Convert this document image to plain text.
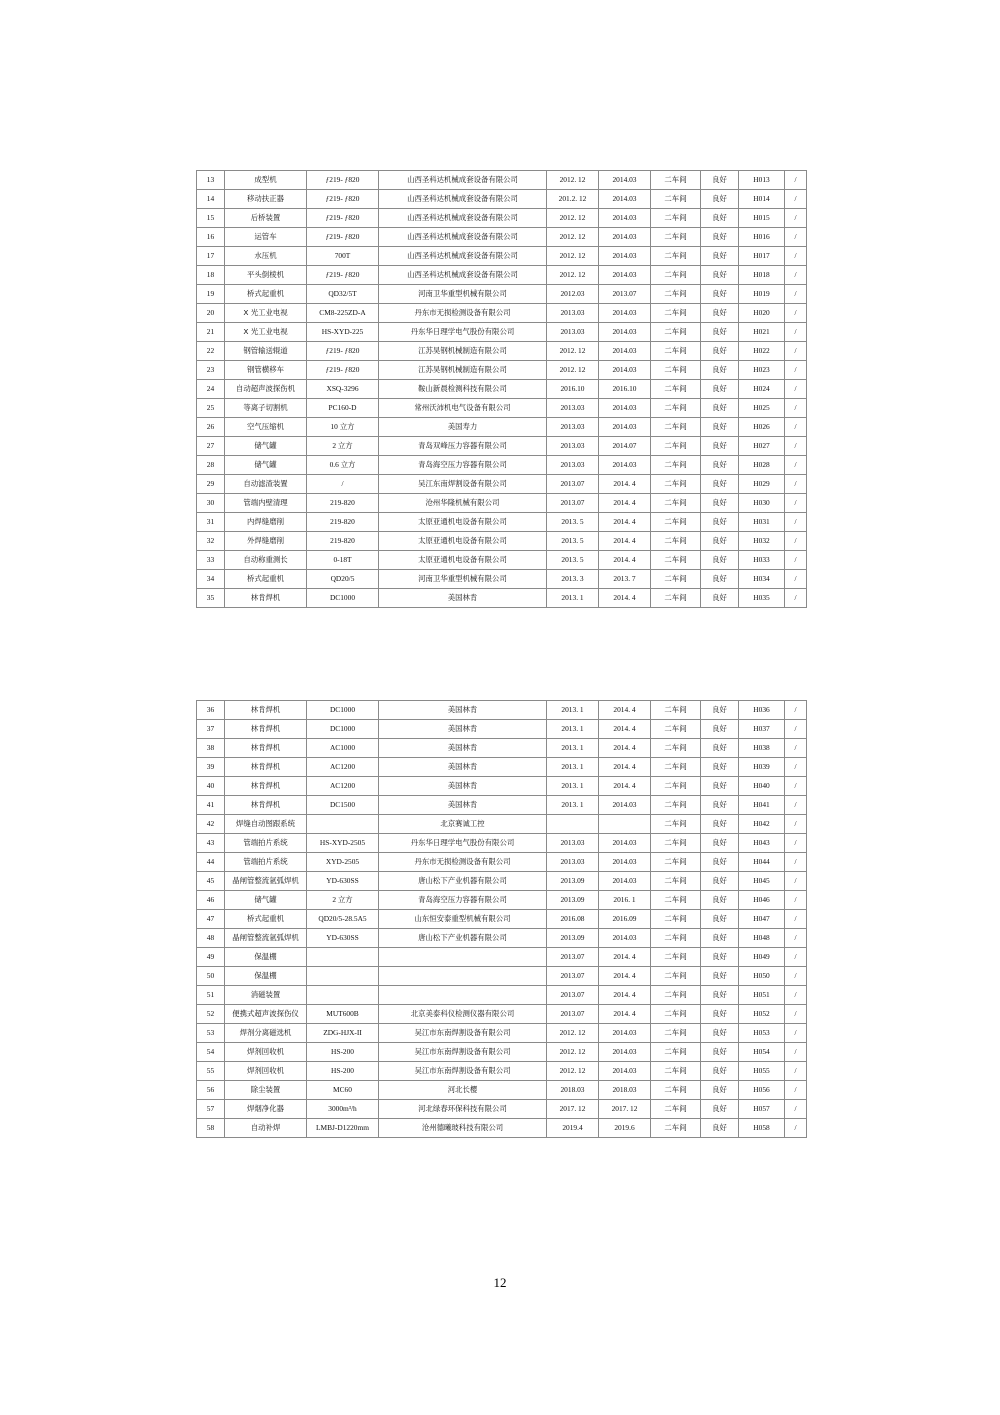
13	成型机	ƒ219- ƒ820	山西圣科达机械成套设备有限公司	2012. 12	2014.03	二车间	良好	H013	/
14	移动扶正器	ƒ219- ƒ820	山西圣科达机械成套设备有限公司	201.2. 12	2014.03	二车间	良好	H014	/
15	后桥装置	ƒ219- ƒ820	山西圣科达机械成套设备有限公司	2012. 12	2014.03	二车间	良好	H015	/
16	运管车	ƒ219- ƒ820	山西圣科达机械成套设备有限公司	2012. 12	2014.03	二车间	良好	H016	/
17	水压机	700T	山西圣科达机械成套设备有限公司	2012. 12	2014.03	二车间	良好	H017	/
18	平头倒棱机	ƒ219- ƒ820	山西圣科达机械成套设备有限公司	2012. 12	2014.03	二车间	良好	H018	/
19	桥式起重机	QD32/5T	河南卫华重型机械有限公司	2012.03	2013.07	二车间	良好	H019	/
20	X 光工业电视	CM8-225ZD-A	丹东市无损检测设备有限公司	2013.03	2014.03	二车间	良好	H020	/
21	X 光工业电视	HS-XYD-225	丹东华日理学电气股份有限公司	2013.03	2014.03	二车间	良好	H021	/
22	钢管输送辊道	ƒ219- ƒ820	江苏昊钢机械制造有限公司	2012. 12	2014.03	二车间	良好	H022	/
23	钢管横移车	ƒ219- ƒ820	江苏昊钢机械制造有限公司	2012. 12	2014.03	二车间	良好	H023	/
24	自动超声波探伤机	XSQ-3296	鞍山新晨检测科技有限公司	2016.10	2016.10	二车间	良好	H024	/
25	等离子切割机	PC160-D	常州沃沛机电气设备有限公司	2013.03	2014.03	二车间	良好	H025	/
26	空气压缩机	10 立方	美国寿力	2013.03	2014.03	二车间	良好	H026	/
27	储气罐	2 立方	青岛双峰压力容器有限公司	2013.03	2014.07	二车间	良好	H027	/
28	储气罐	0.6 立方	青岛海空压力容器有限公司	2013.03	2014.03	二车间	良好	H028	/
29	自动滤渣装置	/	吴江东南焊割设备有限公司	2013.07	2014. 4	二车间	良好	H029	/
30	管端内壁清理	219-820	沧州华隆机械有限公司	2013.07	2014. 4	二车间	良好	H030	/
31	内焊缝磨削	219-820	太原亚通机电设备有限公司	2013. 5	2014. 4	二车间	良好	H031	/
32	外焊缝磨削	219-820	太原亚通机电设备有限公司	2013. 5	2014. 4	二车间	良好	H032	/
33	自动称重测长	0-18T	太原亚通机电设备有限公司	2013. 5	2014. 4	二车间	良好	H033	/
34	桥式起重机	QD20/5	河南卫华重型机械有限公司	2013. 3	2013. 7	二车间	良好	H034	/
35	林肯焊机	DC1000	美国林肯	2013. 1	2014. 4	二车间	良好	H035	/
36	林肯焊机	DC1000	美国林肯	2013. 1	2014. 4	二车间	良好	H036	/
37	林肯焊机	DC1000	美国林肯	2013. 1	2014. 4	二车间	良好	H037	/
38	林肯焊机	AC1000	美国林肯	2013. 1	2014. 4	二车间	良好	H038	/
39	林肯焊机	AC1200	美国林肯	2013. 1	2014. 4	二车间	良好	H039	/
40	林肯焊机	AC1200	美国林肯	2013. 1	2014. 4	二车间	良好	H040	/
41	林肯焊机	DC1500	美国林肯	2013. 1	2014.03	二车间	良好	H041	/
42	焊缝自动图跟系统		北京赛诚工控			二车间	良好	H042	/
43	管端拍片系统	HS-XYD-2505	丹东华日理学电气股份有限公司	2013.03	2014.03	二车间	良好	H043	/
44	管端拍片系统	XYD-2505	丹东市无损检测设备有限公司	2013.03	2014.03	二车间	良好	H044	/
45	晶闸管整流氩弧焊机	YD-630SS	唐山松下产业机器有限公司	2013.09	2014.03	二车间	良好	H045	/
46	储气罐	2 立方	青岛海空压力容器有限公司	2013.09	2016. 1	二车间	良好	H046	/
47	桥式起重机	QD20/5-28.5A5	山东恒安泰重型机械有限公司	2016.08	2016.09	二车间	良好	H047	/
48	晶闸管整流氩弧焊机	YD-630SS	唐山松下产业机器有限公司	2013.09	2014.03	二车间	良好	H048	/
49	保温棚			2013.07	2014. 4	二车间	良好	H049	/
50	保温棚			2013.07	2014. 4	二车间	良好	H050	/
51	消磁装置			2013.07	2014. 4	二车间	良好	H051	/
52	便携式超声波探伤仪	MUT600B	北京美泰科仪检测仪器有限公司	2013.07	2014. 4	二车间	良好	H052	/
53	焊剂分离磁选机	ZDG-HJX-II	吴江市东南焊割设备有限公司	2012. 12	2014.03	二车间	良好	H053	/
54	焊剂回收机	HS-200	吴江市东南焊割设备有限公司	2012. 12	2014.03	二车间	良好	H054	/
55	焊剂回收机	HS-200	吴江市东南焊割设备有限公司	2012. 12	2014.03	二车间	良好	H055	/
56	除尘装置	MC60	河北长樱	2018.03	2018.03	二车间	良好	H056	/
57	焊烟净化器	3000m³/h	河北绿春环保科技有限公司	2017. 12	2017. 12	二车间	良好	H057	/
58	自动补焊	LMBJ-D1220mm	沧州德曦玻科技有限公司	2019.4	2019.6	二车间	良好	H058	/
12
